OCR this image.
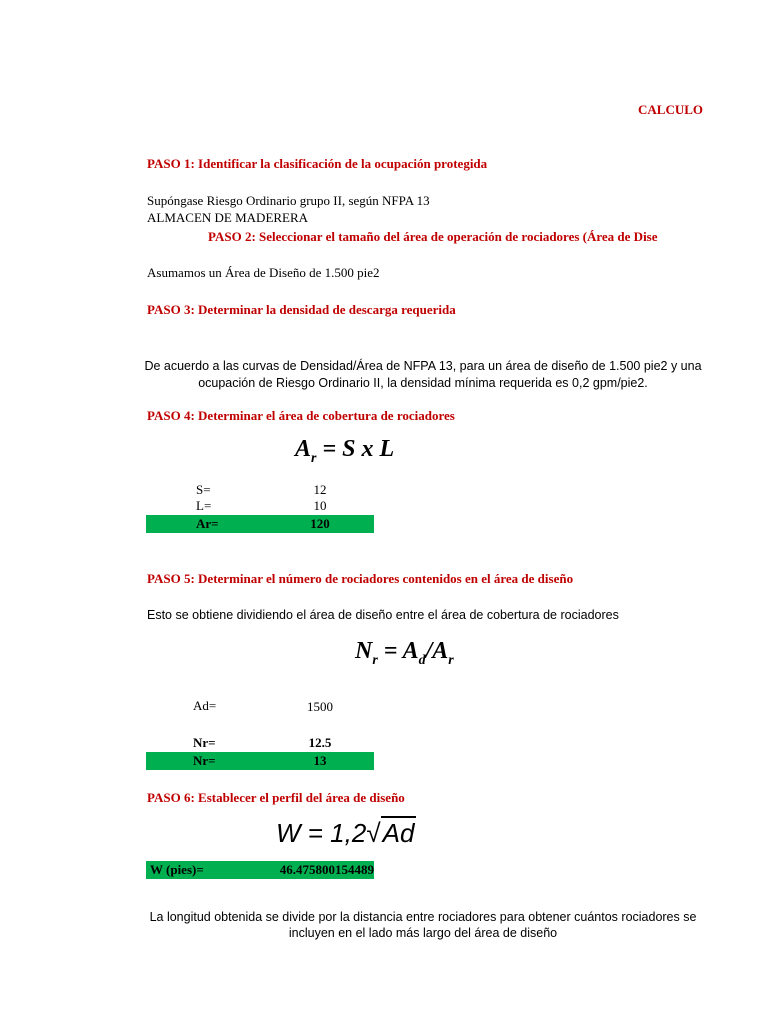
CALCULO
PASO 1: Identificar la clasificación de la ocupación protegida
Supóngase Riesgo Ordinario grupo II, según NFPA 13
ALMACEN DE MADERERA
PASO 2: Seleccionar el tamaño del área de operación de rociadores (Área de Dise
Asumamos un Área de Diseño de 1.500 pie2
PASO 3: Determinar la densidad de descarga requerida
De acuerdo a las curvas de Densidad/Área de NFPA 13, para un área de diseño de 1.500 pie2 y una ocupación de Riesgo Ordinario II, la densidad mínima requerida es 0,2 gpm/pie2.
PASO 4: Determinar el área de cobertura de rociadores
$A_r = S$ x L
S=	12
L=	10
Ar=	120
PASO 5: Determinar el número de rociadores contenidos en el área de diseño
Esto se obtiene dividiendo el área de diseño entre el área de cobertura de rociadores
$N_r = A_d/A_r$
Ad=	1500
Nr=	12.5
Nr=	13
PASO 6: Establecer el perfil del área de diseño
W = 1,2√Ad
W (pies)=	46.475800154489
La longitud obtenida se divide por la distancia entre rociadores para obtener cuántos rociadores se incluyen en el lado más largo del área de diseño
